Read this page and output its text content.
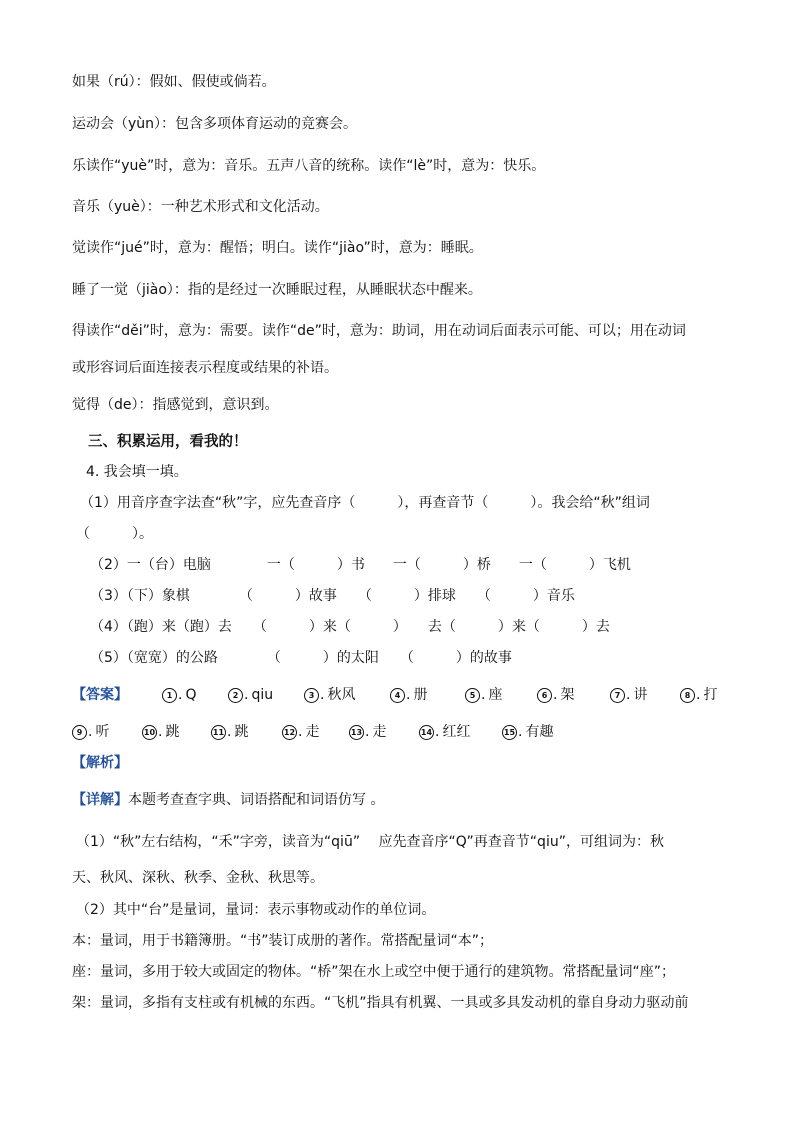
如果（rú）：假如、假使或倘若。
运动会（yùn）：包含多项体育运动的竞赛会。
乐读作“yuè”时，意为：音乐。五声八音的统称。读作“lè”时，意为：快乐。
音乐（yuè）：一种艺术形式和文化活动。
觉读作“jué”时，意为：醒悟；明白。读作“jiào”时，意为：睡眠。
睡了一觉（jiào）：指的是经过一次睡眠过程，从睡眠状态中醒来。
得读作“děi”时，意为：需要。读作“de”时，意为：助词，用在动词后面表示可能、可以；用在动词
或形容词后面连接表示程度或结果的补语。
觉得（de）：指感觉到，意识到。
三、积累运用，看我的！
4. 我会填一填。
（1）用音序查字法查“秋”字，应先查音序（　　　），再查音节（　　　）。我会给“秋”组词
（　　　）。
（2）一（台）电脑　　　　一（　　　）书　　一（　　　）桥　　一（　　　）飞机
（3）（下）象棋　　　　（　　　）故事　　（　　　）排球　　（　　　）音乐
（4）（跑）来（跑）去　　（　　　）来（　　　）　　去（　　　）来（　　　）去
（5）（宽宽）的公路　　　　（　　　）的太阳　　（　　　）的故事
【答案】	1 . Q	2 . qiu	3 . 秋风	4 . 册	5 . 座	6 . 架	7 . 讲	8 . 打
9 . 听	10 . 跳	11 . 跳	12 . 走	13 . 走	14 . 红红	15 . 有趣
【解析】
【详解】本题考查查字典、词语搭配和词语仿写 。
（1）“秋”左右结构，“禾”字旁，读音为“qiū”　 应先查音序“Q”再查音节“qiu”，可组词为：秋
天、秋风、深秋、秋季、金秋、秋思等。
（2）其中“台”是量词，量词：表示事物或动作的单位词。
本：量词，用于书籍簿册。“书”装订成册的著作。常搭配量词“本”；
座：量词，多用于较大或固定的物体。“桥”架在水上或空中便于通行的建筑物。常搭配量词“座”；
架：量词，多指有支柱或有机械的东西。“飞机”指具有机翼、一具或多具发动机的靠自身动力驱动前
